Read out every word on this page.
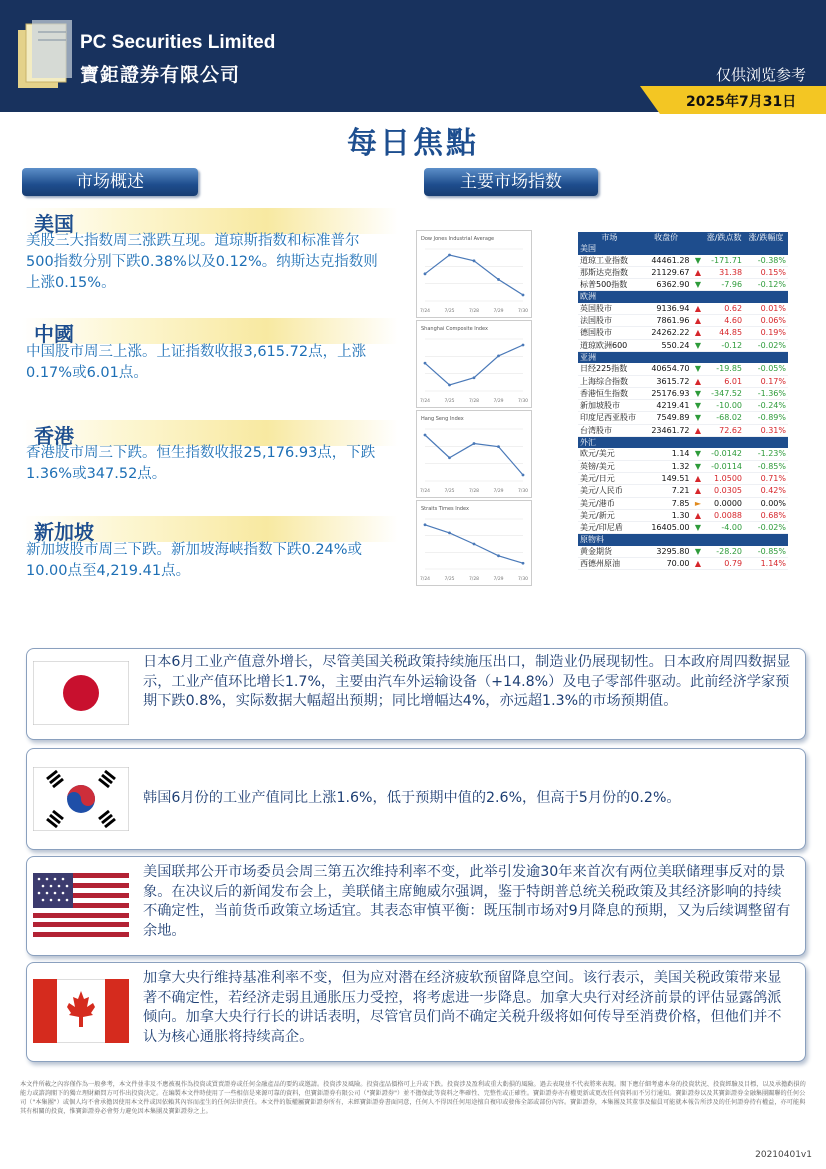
PC Securities Limited
寶鉅證券有限公司	仅供浏览参考
2025年7月31日
每日焦點
市场概述	主要市场指数
美国
美股三大指数周三涨跌互现。道琼斯指数和标准普尔500指数分别下跌0.38%以及0.12%。纳斯达克指数则上涨0.15%。
中國
中国股市周三上涨。上证指数收报3,615.72点，上涨0.17%或6.01点。
香港
香港股市周三下跌。恒生指数收报25,176.93点，下跌1.36%或347.52点。
新加坡
新加坡股市周三下跌。新加坡海峡指数下跌0.24%或10.00点至4,219.41点。
Dow Jones Industrial Average
7/24	7/25	7/28	7/29	7/30
Shanghai Composite Index
7/24	7/25	7/28	7/29	7/30
Hang Seng Index
7/24	7/25	7/28	7/29	7/30
Straits Times Index
7/24	7/25	7/28	7/29	7/30
市场	收盘价		涨/跌点数	涨/跌幅度
美国				
道琼工业指数	44461.28	▼	-171.71	-0.38%
那斯达克指数	21129.67	▲	31.38	0.15%
标普500指数	6362.90	▼	-7.96	-0.12%
欧洲				
英国股市	9136.94	▲	0.62	0.01%
法国股市	7861.96	▲	4.60	0.06%
德国股市	24262.22	▲	44.85	0.19%
道琼欧洲600	550.24	▼	-0.12	-0.02%
亚洲				
日经225指数	40654.70	▼	-19.85	-0.05%
上海综合指数	3615.72	▲	6.01	0.17%
香港恒生指数	25176.93	▼	-347.52	-1.36%
新加坡股市	4219.41	▼	-10.00	-0.24%
印度尼西亚股市	7549.89	▼	-68.02	-0.89%
台湾股市	23461.72	▲	72.62	0.31%
外汇				
欧元/美元	1.14	▼	-0.0142	-1.23%
英镑/美元	1.32	▼	-0.0114	-0.85%
美元/日元	149.51	▲	1.0500	0.71%
美元/人民币	7.21	▲	0.0305	0.42%
美元/港币	7.85	►	0.0000	0.00%
美元/新元	1.30	▲	0.0088	0.68%
美元/印尼盾	16405.00	▼	-4.00	-0.02%
原物料				
黄金期货	3295.80	▼	-28.20	-0.85%
西德州原油	70.00	▲	0.79	1.14%
日本6月工业产值意外增长，尽管美国关税政策持续施压出口，制造业仍展现韧性。日本政府周四数据显示，工业产值环比增长1.7%，主要由汽车外运输设备（+14.8%）及电子零部件驱动。此前经济学家预期下跌0.8%，实际数据大幅超出预期；同比增幅达4%，亦远超1.3%的市场预期值。
韩国6月份的工业产值同比上涨1.6%，低于预期中值的2.6%，但高于5月份的0.2%。
美国联邦公开市场委员会周三第五次维持利率不变，此举引发逾30年来首次有两位美联储理事反对的景象。在决议后的新闻发布会上，美联储主席鲍威尔强调，鉴于特朗普总统关税政策及其经济影响的持续不确定性，当前货币政策立场适宜。其表态审慎平衡：既压制市场对9月降息的预期，又为后续调整留有余地。
加拿大央行维持基准利率不变，但为应对潜在经济疲软预留降息空间。该行表示，美国关税政策带来显著不确定性，若经济走弱且通胀压力受控，将考虑进一步降息。加拿大央行对经济前景的评估显露鸽派倾向。加拿大央行行长的讲话表明，尽管官员们尚不确定关税升级将如何传导至消费价格，但他们并不认为核心通胀将持续高企。
本文件所載之內容僅作為一般參考，本文件並非及不應被視作為投資或買賣證券或任何金融產品的要約或邀請。投資涉及風險。投資產品價格可上升或下跌。投資涉及盈利或重大虧損的風險。過去表現並不代表將來表現。閣下應仔細考慮本身的投資狀況、投資經驗及目標，以及承擔虧損的能力或諮詢閣下的獨立理財顧問方可作出投資決定。在編製本文件時使用了一些相信是來源可靠的資料，但寶鉅證券有限公司（"寶鉅證券"）並不擔保此等資料之準確性、完整性或正確性。寶鉅證券亦有權更新或更改任何資料而不另行通知。寶鉅證券以及其寶鉅證券金融集團關聯的任何公司（"本集團"）或個人均不會承擔因使用本文件或因依賴其內容而產生的任何法律責任。本文件的版權屬寶鉅證券所有，未經寶鉅證券書面同意，任何人不得因任何用途擅自複印或發佈全部或部份內容。寶鉅證券，本集團及其董事及僱員可能就本報告所涉及的任何證券持有權益，亦可能與其有相關的投資，惟寶鉅證券必會努力避免因本集團及寶鉅證券之上。
20210401v1
